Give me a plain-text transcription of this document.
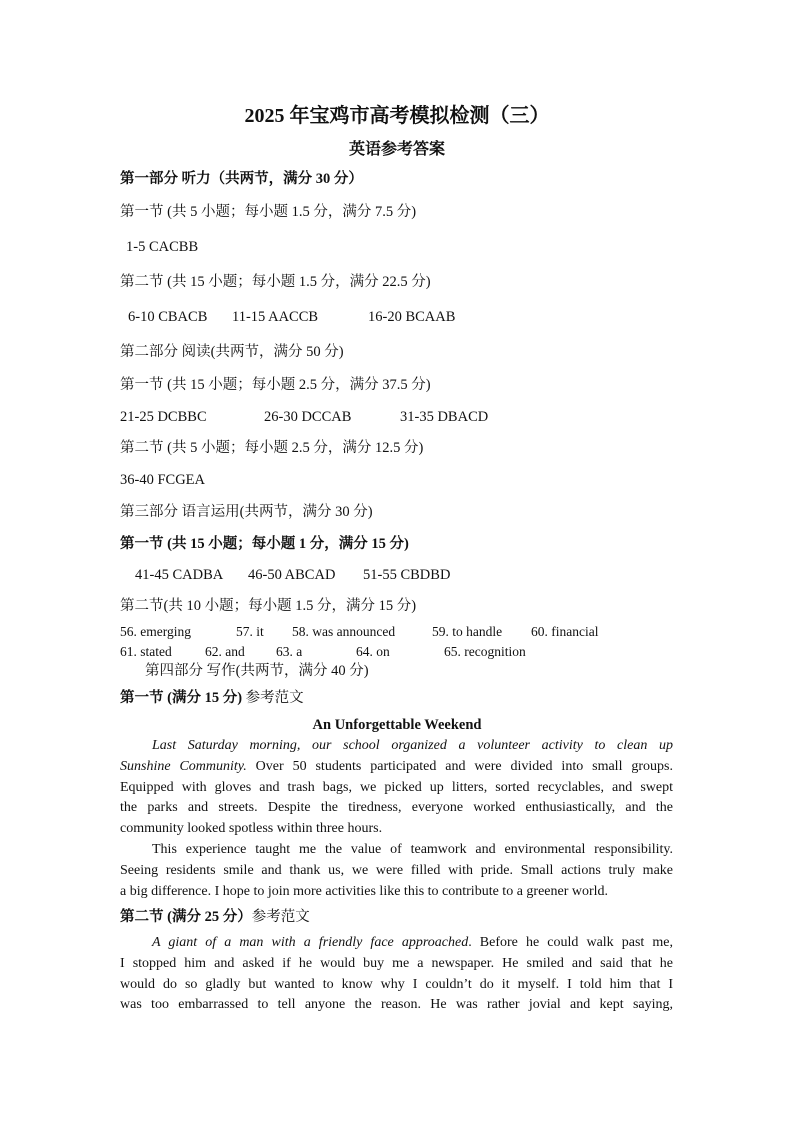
2025 年宝鸡市高考模拟检测（三）
英语参考答案
第一部分 听力（共两节，满分 30 分）
第一节 (共 5 小题；每小题 1.5 分，满分 7.5 分)
1-5 CACBB
第二节 (共 15 小题；每小题 1.5 分，满分 22.5 分)
6-10 CBACB 11-15 AACCB	16-20 BCAAB
第二部分 阅读(共两节，满分 50 分)
第一节 (共 15 小题；每小题 2.5 分，满分 37.5 分)
21-25 DCBBC	26-30 DCCAB	31-35 DBACD
第二节 (共 5 小题；每小题 2.5 分，满分 12.5 分)
36-40 FCGEA
第三部分 语言运用(共两节，满分 30 分)
第一节 (共 15 小题；每小题 1 分，满分 15 分)
41-45 CADBA 46-50 ABCAD 51-55 CBDBD
第二节(共 10 小题；每小题 1.5 分，满分 15 分)
56. emerging	57. it 58. was announced	59. to handle 60. financial
61. stated 62. and 63. a	64. on	65. recognition
第四部分 写作(共两节，满分 40 分)
第一节 (满分 15 分) 参考范文
An Unforgettable Weekend
Last Saturday morning, our school organized a volunteer activity to clean up
Sunshine Community. Over 50 students participated and were divided into small groups.
Equipped with gloves and trash bags, we picked up litters, sorted recyclables, and swept
the parks and streets. Despite the tiredness, everyone worked enthusiastically, and the
community looked spotless within three hours.
This experience taught me the value of teamwork and environmental responsibility.
Seeing residents smile and thank us, we were filled with pride. Small actions truly make
a big difference. I hope to join more activities like this to contribute to a greener world.
第二节 (满分 25 分）参考范文
A giant of a man with a friendly face approached. Before he could walk past me,
I stopped him and asked if he would buy me a newspaper. He smiled and said that he
would do so gladly but wanted to know why I couldn’t do it myself. I told him that I
was too embarrassed to tell anyone the reason. He was rather jovial and kept saying,
